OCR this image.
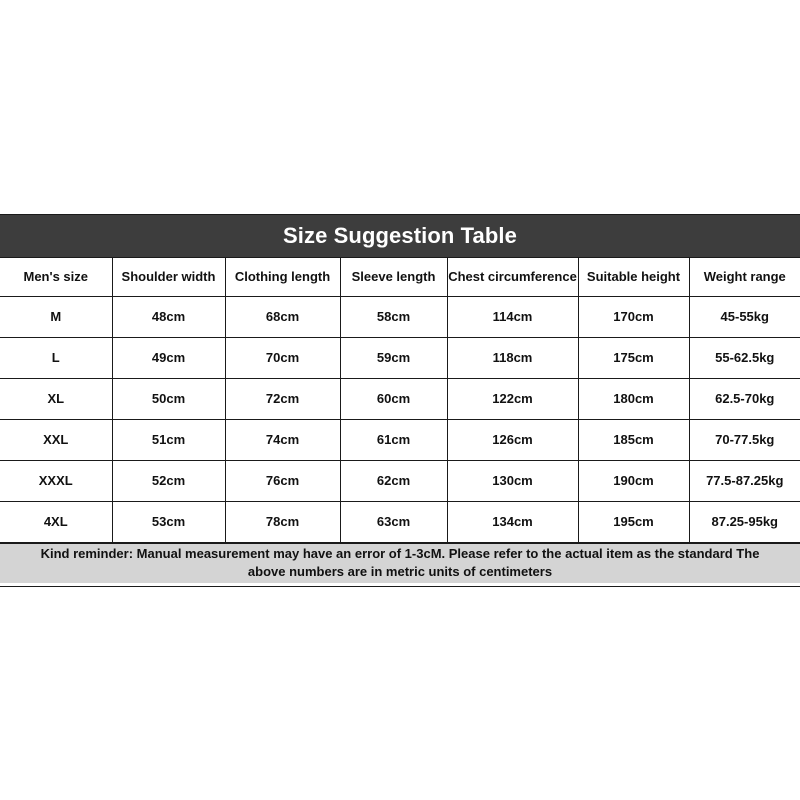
Size Suggestion Table
Men's size	Shoulder width	Clothing length	Sleeve length	Chest circumference	Suitable height	Weight range
M	48cm	68cm	58cm	114cm	170cm	45-55kg
L	49cm	70cm	59cm	118cm	175cm	55-62.5kg
XL	50cm	72cm	60cm	122cm	180cm	62.5-70kg
XXL	51cm	74cm	61cm	126cm	185cm	70-77.5kg
XXXL	52cm	76cm	62cm	130cm	190cm	77.5-87.25kg
4XL	53cm	78cm	63cm	134cm	195cm	87.25-95kg
Kind reminder: Manual measurement may have an error of 1-3cM. Please refer to the actual item as the standard The above numbers are in metric units of centimeters
